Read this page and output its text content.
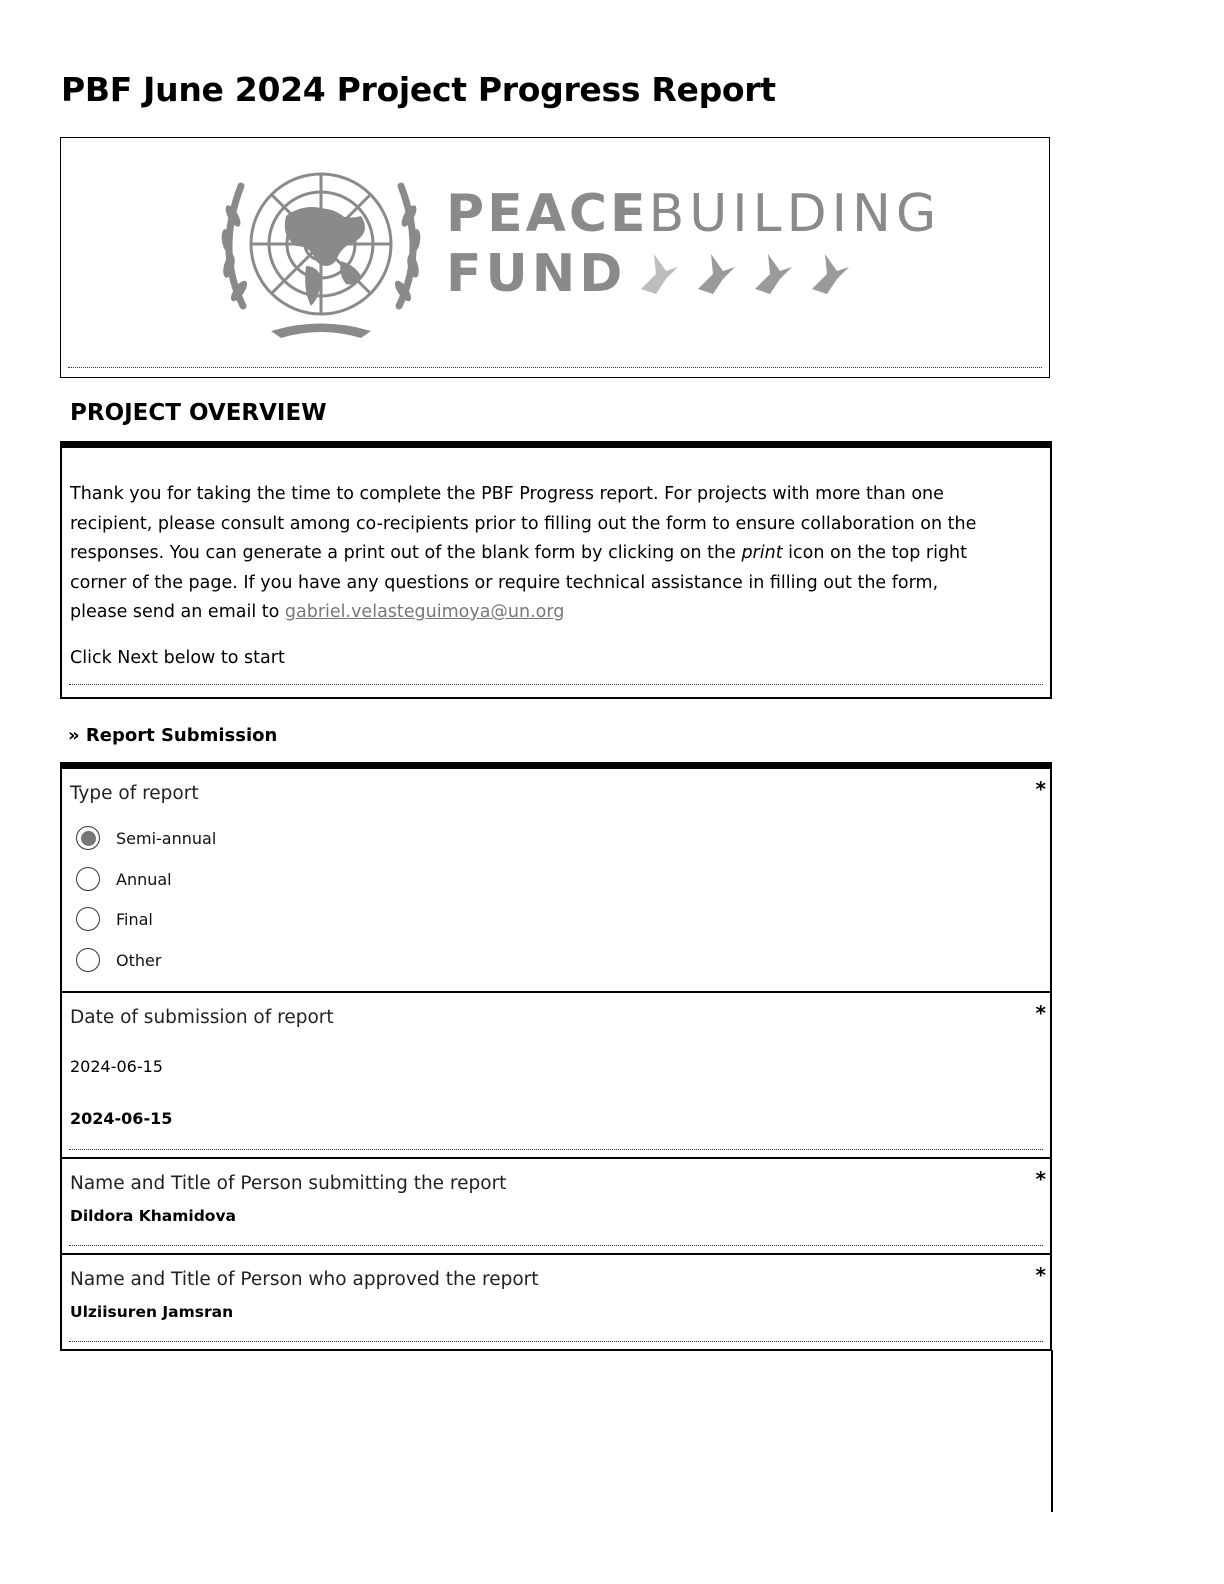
PBF June 2024 Project Progress Report
PEACE BUILDING
FUND
PROJECT OVERVIEW

Thank you for taking the time to complete the PBF Progress report. For projects with more than one recipient, please consult among co-recipients prior to filling out the form to ensure collaboration on the responses. You can generate a print out of the blank form by clicking on the print icon on the top right corner of the page. If you have any questions or require technical assistance in filling out the form, please send an email to gabriel.velasteguimoya@un.org

Click Next below to start

» Report Submission
Type of report	*
Semi-annual
Annual
Final
Other
Date of submission of report	*
2024-06-15
2024-06-15
Name and Title of Person submitting the report	*
Dildora Khamidova
Name and Title of Person who approved the report	*
Ulziisuren Jamsran
